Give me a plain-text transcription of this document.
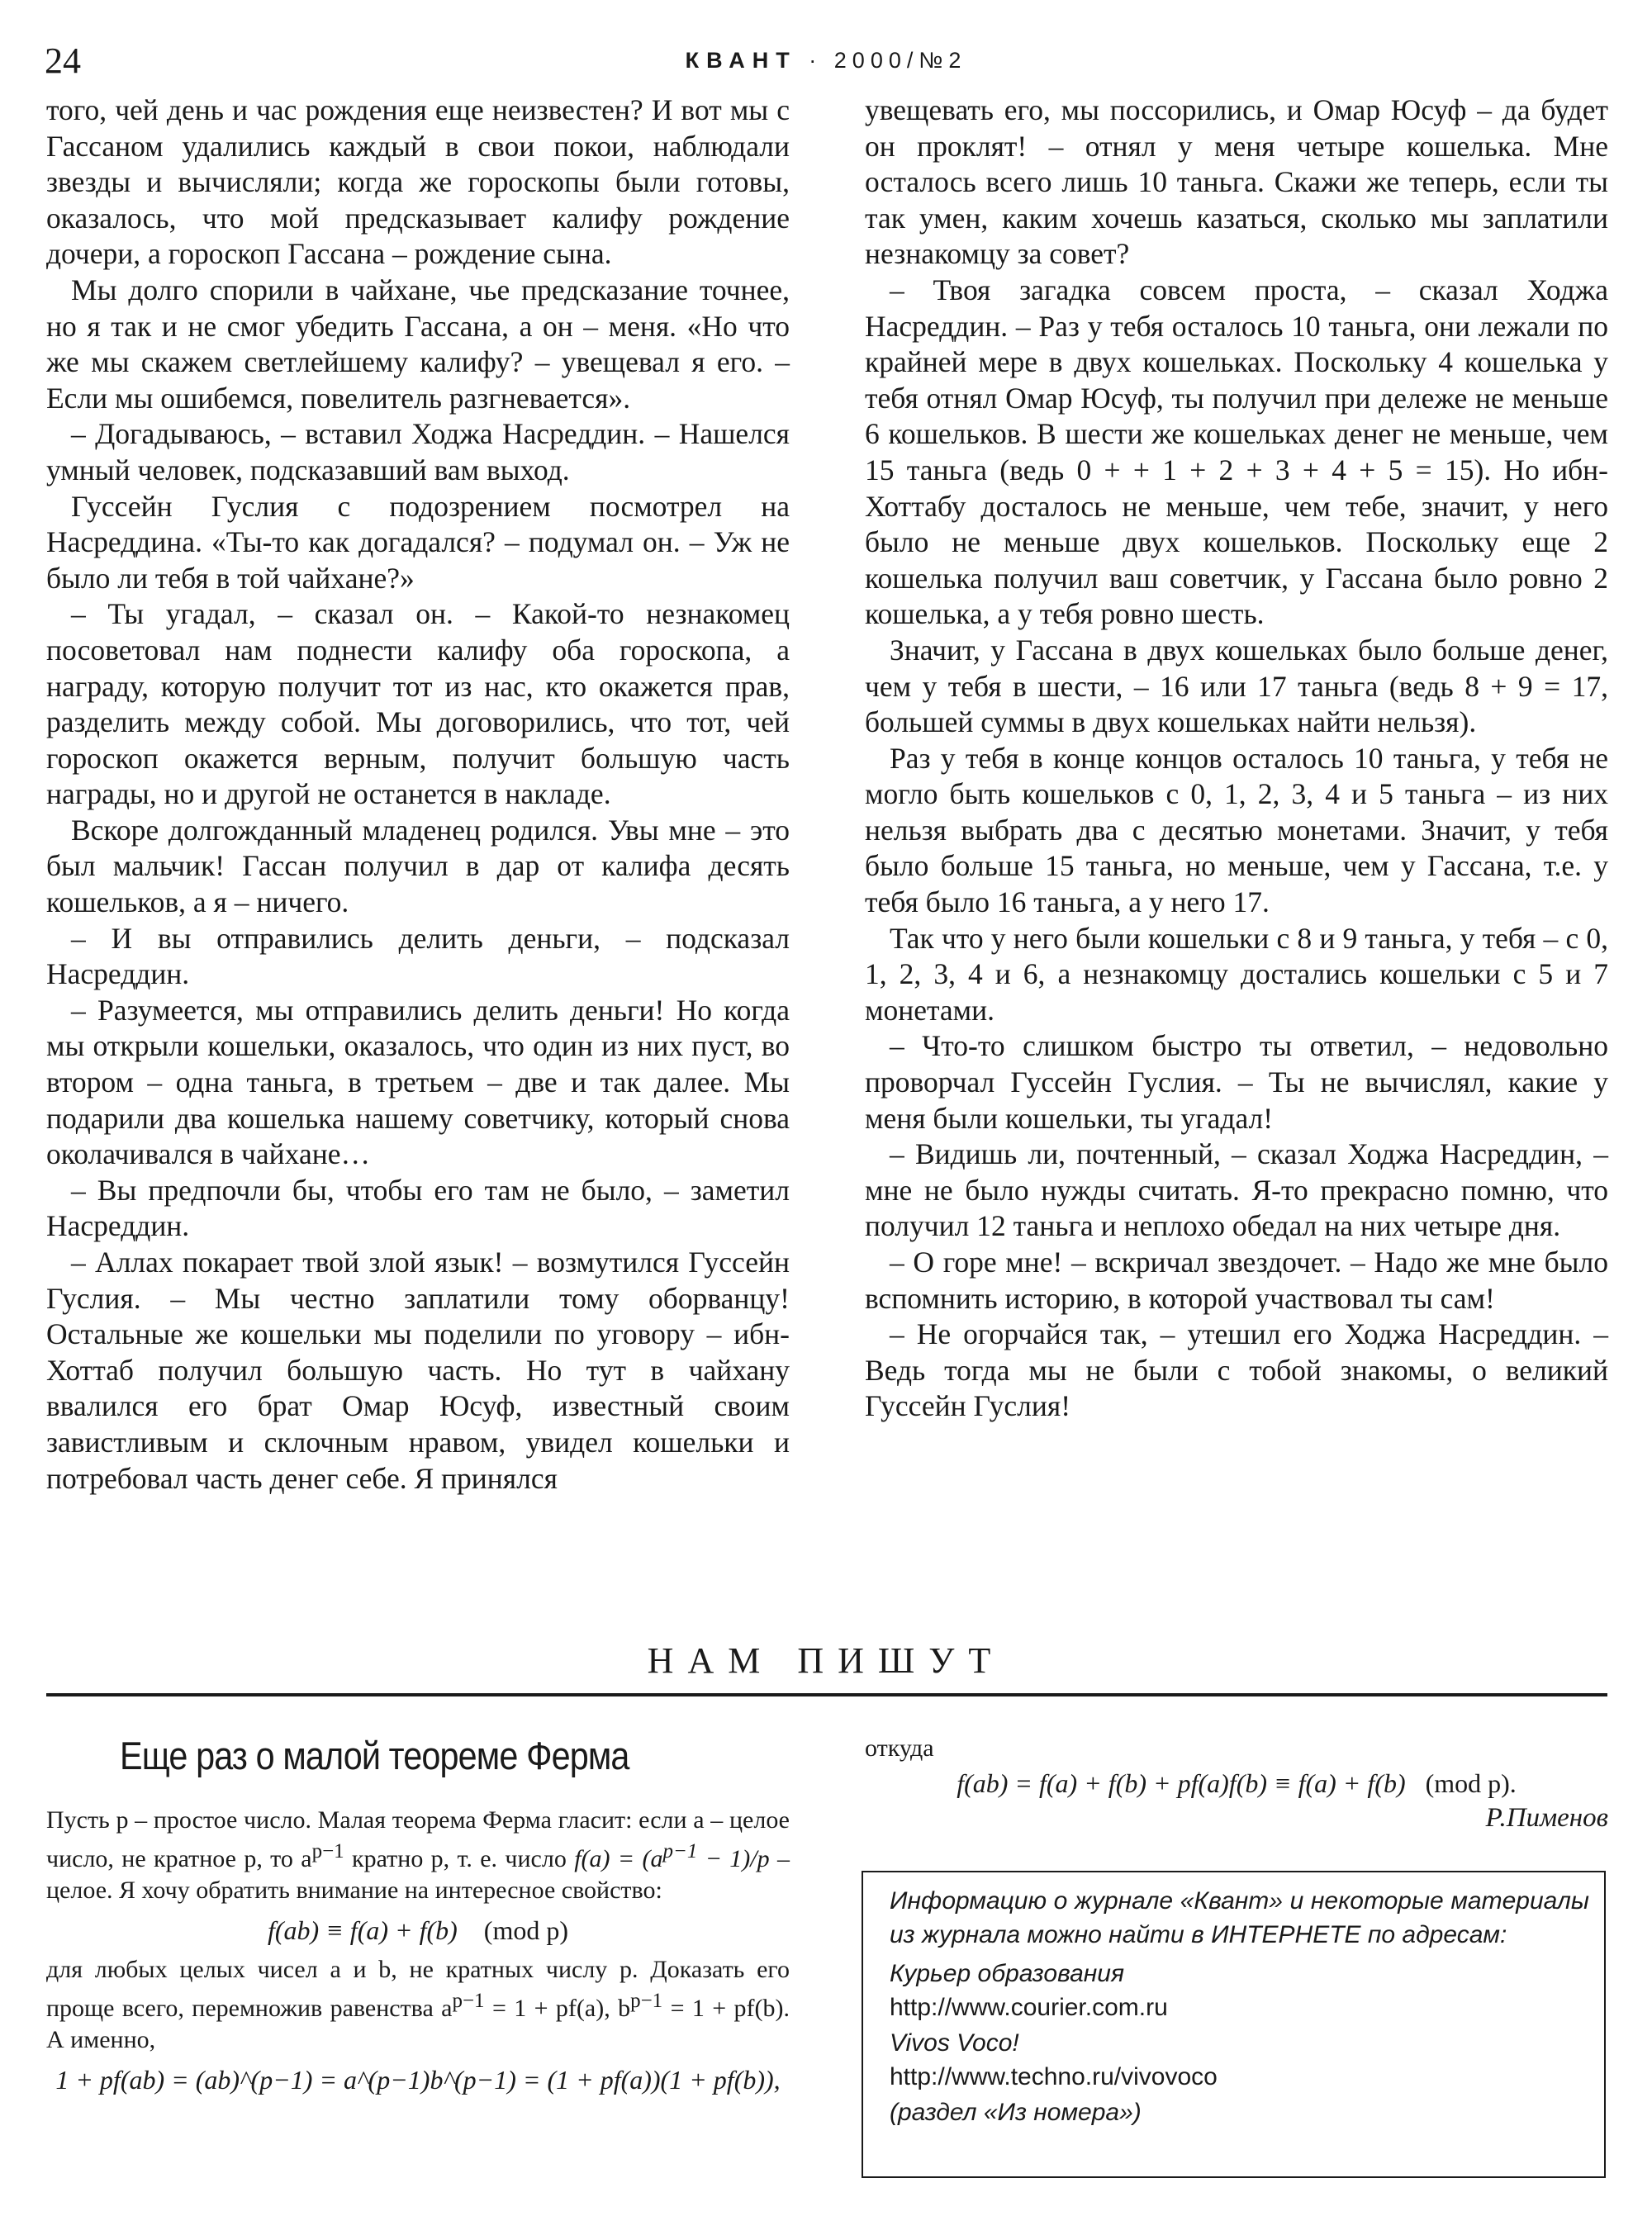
24	КВАНТ · 2000/№2

того, чей день и час рождения еще неизвестен? И вот мы с Гассаном удалились каждый в свои покои, наблюдали звезды и вычисляли; когда же гороскопы были готовы, оказалось, что мой предсказывает калифу рождение дочери, а гороскоп Гассана – рождение сына.

Мы долго спорили в чайхане, чье предсказание точнее, но я так и не смог убедить Гассана, а он – меня. «Но что же мы скажем светлейшему калифу? – увещевал я его. – Если мы ошибемся, повелитель разгневается».

– Догадываюсь, – вставил Ходжа Насреддин. – Нашелся умный человек, подсказавший вам выход.

Гуссейн Гуслия с подозрением посмотрел на Насреддина. «Ты-то как догадался? – подумал он. – Уж не было ли тебя в той чайхане?»

– Ты угадал, – сказал он. – Какой-то незнакомец посоветовал нам поднести калифу оба гороскопа, а награду, которую получит тот из нас, кто окажется прав, разделить между собой. Мы договорились, что тот, чей гороскоп окажется верным, получит большую часть награды, но и другой не останется в накладе.

Вскоре долгожданный младенец родился. Увы мне – это был мальчик! Гассан получил в дар от калифа десять кошельков, а я – ничего.

– И вы отправились делить деньги, – подсказал Насреддин.

– Разумеется, мы отправились делить деньги! Но когда мы открыли кошельки, оказалось, что один из них пуст, во втором – одна таньга, в третьем – две и так далее. Мы подарили два кошелька нашему советчику, который снова околачивался в чайхане…

– Вы предпочли бы, чтобы его там не было, – заметил Насреддин.

– Аллах покарает твой злой язык! – возмутился Гуссейн Гуслия. – Мы честно заплатили тому оборванцу! Остальные же кошельки мы поделили по уговору – ибн-Хоттаб получил большую часть. Но тут в чайхану ввалился его брат Омар Юсуф, известный своим завистливым и склочным нравом, увидел кошельки и потребовал часть денег себе. Я принялся

увещевать его, мы поссорились, и Омар Юсуф – да будет он проклят! – отнял у меня четыре кошелька. Мне осталось всего лишь 10 таньга. Скажи же теперь, если ты так умен, каким хочешь казаться, сколько мы заплатили незнакомцу за совет?

– Твоя загадка совсем проста, – сказал Ходжа Насреддин. – Раз у тебя осталось 10 таньга, они лежали по крайней мере в двух кошельках. Поскольку 4 кошелька у тебя отнял Омар Юсуф, ты получил при дележе не меньше 6 кошельков. В шести же кошельках денег не меньше, чем 15 таньга (ведь 0 + + 1 + 2 + 3 + 4 + 5 = 15). Но ибн-Хоттабу досталось не меньше, чем тебе, значит, у него было не меньше двух кошельков. Поскольку еще 2 кошелька получил ваш советчик, у Гассана было ровно 2 кошелька, а у тебя ровно шесть.

Значит, у Гассана в двух кошельках было больше денег, чем у тебя в шести, – 16 или 17 таньга (ведь 8 + 9 = 17, большей суммы в двух кошельках найти нельзя).

Раз у тебя в конце концов осталось 10 таньга, у тебя не могло быть кошельков с 0, 1, 2, 3, 4 и 5 таньга – из них нельзя выбрать два с десятью монетами. Значит, у тебя было больше 15 таньга, но меньше, чем у Гассана, т.е. у тебя было 16 таньга, а у него 17.

Так что у него были кошельки с 8 и 9 таньга, у тебя – с 0, 1, 2, 3, 4 и 6, а незнакомцу достались кошельки с 5 и 7 монетами.

– Что-то слишком быстро ты ответил, – недовольно проворчал Гуссейн Гуслия. – Ты не вычислял, какие у меня были кошельки, ты угадал!

– Видишь ли, почтенный, – сказал Ходжа Насреддин, – мне не было нужды считать. Я-то прекрасно помню, что получил 12 таньга и неплохо обедал на них четыре дня.

– О горе мне! – вскричал звездочет. – Надо же мне было вспомнить историю, в которой участвовал ты сам!

– Не огорчайся так, – утешил его Ходжа Насреддин. – Ведь тогда мы не были с тобой знакомы, о великий Гуссейн Гуслия!

НАМ ПИШУТ
Еще раз о малой теореме Ферма

Пусть p – простое число. Малая теорема Ферма гласит: если a – целое число, не кратное p, то $a^{p-1}$ кратно p, т. е. число $f(a) = (a^{p-1} - 1)/p$ – целое. Я хочу обратить внимание на интересное свойство:

f(ab) ≡ f(a) + f(b) (mod p)

для любых целых чисел a и b, не кратных числу p. Доказать его проще всего, перемножив равенства $a^{p-1} = 1 + pf(a)$, $b^{p-1} = 1 + pf(b)$. А именно,

1 + pf(ab) = (ab)^(p−1) = a^(p−1)b^(p−1) = (1 + pf(a))(1 + pf(b)),
откуда
f(ab) = f(a) + f(b) + pf(a)f(b) ≡ f(a) + f(b) (mod p).
Р.Пименов

Информацию о журнале «Квант» и некоторые материалы из журнала можно найти в ИНТЕРНЕТЕ по адресам:

Курьер образования

http://www.courier.com.ru

Vivos Voco!

http://www.techno.ru/vivovoco

(раздел «Из номера»)
